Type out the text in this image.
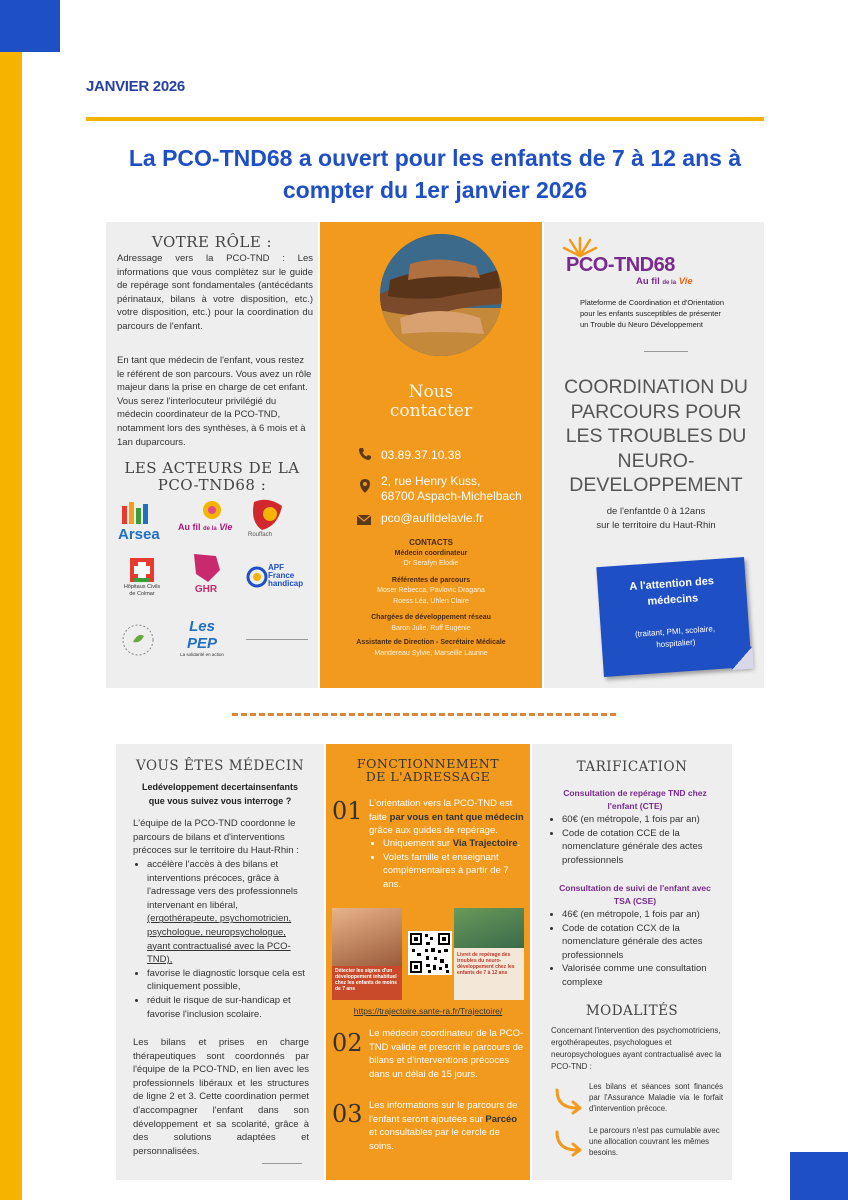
JANVIER 2026
La PCO-TND68 a ouvert pour les enfants de 7 à 12 ans à
compter du 1er janvier 2026
VOTRE RÔLE :
Adressage vers la PCO-TND : Les informations que vous complètez sur le guide de repérage sont fondamentales (antécédants périnataux, bilans à votre disposition, etc.) votre disposition, etc.) pour la coordination du parcours de l'enfant.
En tant que médecin de l'enfant, vous restez le référent de son parcours. Vous avez un rôle majeur dans la prise en charge de cet enfant. Vous serez l'interlocuteur privilégié du médecin coordinateur de la PCO-TND, notamment lors des synthèses, à 6 mois et à 1an duparcours.
LES ACTEURS DE LA
PCO-TND68 :
Arsea	Au fil de la Vie
Rouffach
Hôpitaux Civils
de Colmar	GHR
APF
France
handicap
Les PEP
La solidarité en action
Nous
contacter
03.89.37.10.38
2, rue Henry Kuss,
68700 Aspach-Michelbach
pco@aufildelavie.fr
CONTACTS
Médecin coordinateur
Dr Serafyn Elodie
Référentes de parcours
Moser Rebecca, Pavlovic Dragana
Roess Léa, Uhlen Claire
Chargées de développement réseau
Baron Julie, Ruff Eugénie
Assistante de Direction - Secrétaire Médicale
Mandereau Sylvie, Marseille Laurine
PCO-TND68
Au fil de la Vie
Plateforme de Coordination et d'Orientation
pour les enfants susceptibles de présenter
un Trouble du Neuro Développement
COORDINATION DU
PARCOURS POUR
LES TROUBLES DU
NEURO-
DEVELOPPEMENT
de l'enfantde 0 à 12ans
sur le territoire du Haut-Rhin
A l'attention des
médecins
(traitant, PMI, scolaire,
hospitalier)
VOUS ÊTES MÉDECIN
Ledéveloppement decertainsenfants
que vous suivez vous interroge ?
L'équipe de la PCO-TND coordonne le parcours de bilans et d'interventions précoces sur le territoire du Haut-Rhin :
• accélère l'accès à des bilans et interventions précoces, grâce à l'adressage vers des professionnels intervenant en libéral, (ergothérapeute, psychomotricien, psychologue, neuropsychologue, ayant contractualisé avec la PCO-TND),
• favorise le diagnostic lorsque cela est cliniquement possible,
• réduit le risque de sur-handicap et favorise l'inclusion scolaire.
Les bilans et prises en charge thérapeutiques sont coordonnés par l'équipe de la PCO-TND, en lien avec les professionnels libéraux et les structures de ligne 2 et 3. Cette coordination permet d'accompagner l'enfant dans son développement et sa scolarité, grâce à des solutions adaptées et personnalisées.
FONCTIONNEMENT
DE L'ADRESSAGE
01 L'orientation vers la PCO-TND est faite par vous en tant que médecin grâce aux guides de repérage.
• Uniquement sur Via Trajectoire.
• Volets famille et enseignant complémentaires à partir de 7 ans.
Détecter les signes d'un développement inhabituel chez les enfants de moins de 7 ans
Livret de repérage des troubles du neuro-développement chez les enfants de 7 à 12 ans
https://trajectoire.sante-ra.fr/Trajectoire/
02 Le médecin coordinateur de la PCO-TND valide et prescrit le parcours de bilans et d'interventions précoces dans un délai de 15 jours.
03 Les informations sur le parcours de l'enfant seront ajoutées sur Parcéo et consultables par le cercle de soins.
TARIFICATION
Consultation de repérage TND chez
l'enfant (CTE)
• 60€ (en métropole, 1 fois par an)
• Code de cotation CCE de la nomenclature générale des actes professionnels
Consultation de suivi de l'enfant avec
TSA (CSE)
• 46€ (en métropole, 1 fois par an)
• Code de cotation CCX de la nomenclature générale des actes professionnels
• Valorisée comme une consultation complexe
MODALITÉS
Concernant l'intervention des psychomotriciens, ergothérapeutes, psychologues et neuropsychologues ayant contractualisé avec la PCO-TND :
Les bilans et séances sont financés par l'Assurance Maladie via le forfait d'intervention précoce.
Le parcours n'est pas cumulable avec une allocation couvrant les mêmes besoins.
